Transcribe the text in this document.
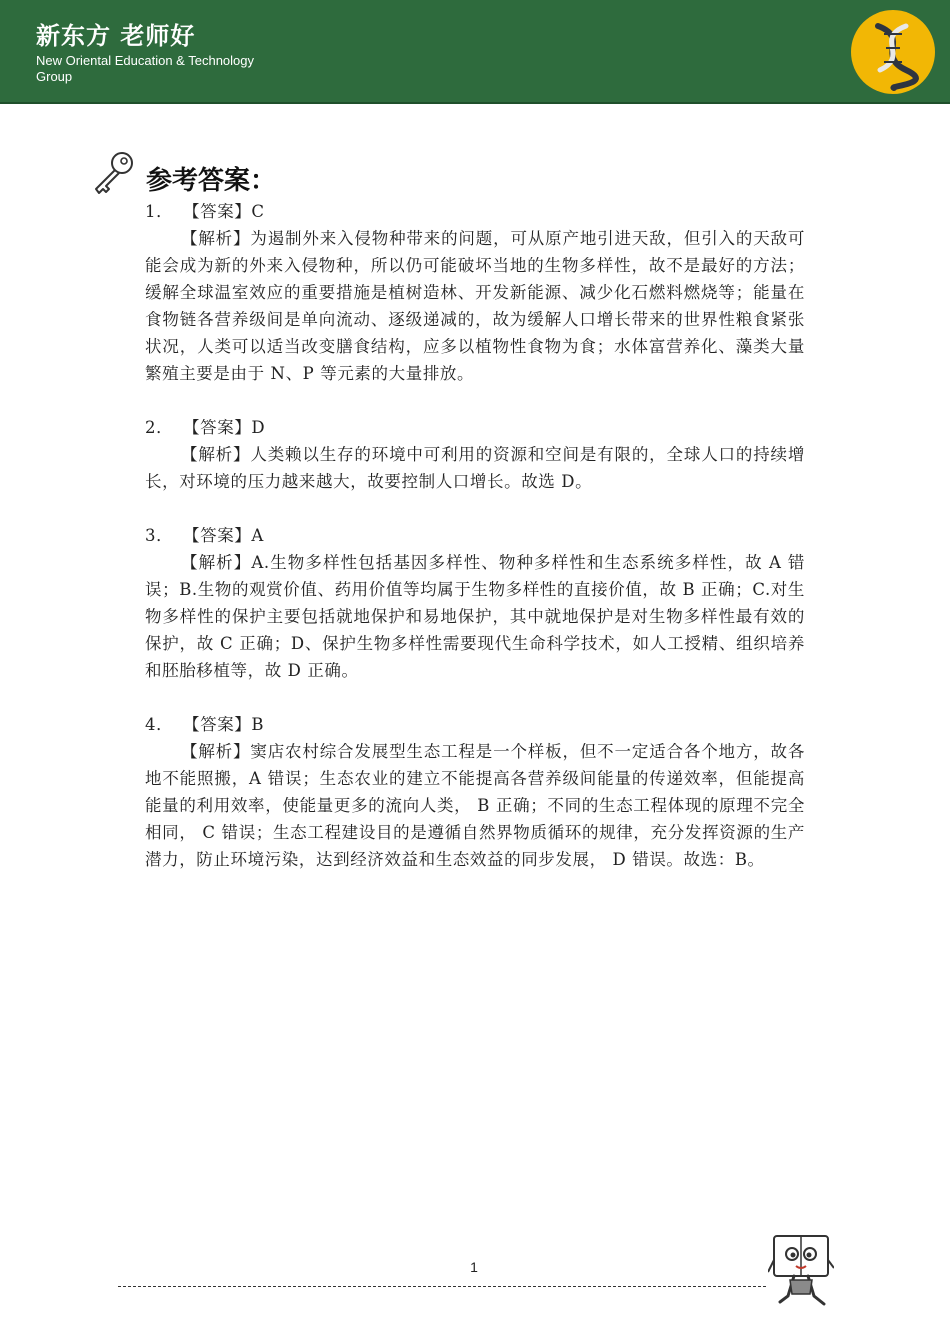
新东方 老师好
New Oriental Education & Technology Group
参考答案：
1． 【答案】C

【解析】为遏制外来入侵物种带来的问题，可从原产地引进天敌，但引入的天敌可能会成为新的外来入侵物种，所以仍可能破坏当地的生物多样性，故不是最好的方法；缓解全球温室效应的重要措施是植树造林、开发新能源、减少化石燃料燃烧等；能量在食物链各营养级间是单向流动、逐级递减的，故为缓解人口增长带来的世界性粮食紧张状况，人类可以适当改变膳食结构，应多以植物性食物为食；水体富营养化、藻类大量繁殖主要是由于 N、P 等元素的大量排放。

2． 【答案】D

【解析】人类赖以生存的环境中可利用的资源和空间是有限的，全球人口的持续增长，对环境的压力越来越大，故要控制人口增长。故选 D。

3． 【答案】A

【解析】A.生物多样性包括基因多样性、物种多样性和生态系统多样性，故 A 错误；B.生物的观赏价值、药用价值等均属于生物多样性的直接价值，故 B 正确；C.对生物多样性的保护主要包括就地保护和易地保护，其中就地保护是对生物多样性最有效的保护，故 C 正确；D、保护生物多样性需要现代生命科学技术，如人工授精、组织培养和胚胎移植等，故 D 正确。

4． 【答案】B

【解析】窦店农村综合发展型生态工程是一个样板，但不一定适合各个地方，故各地不能照搬，A 错误；生态农业的建立不能提高各营养级间能量的传递效率，但能提高能量的利用效率，使能量更多的流向人类， B 正确；不同的生态工程体现的原理不完全相同， C 错误；生态工程建设目的是遵循自然界物质循环的规律，充分发挥资源的生产潜力，防止环境污染，达到经济效益和生态效益的同步发展， D 错误。故选：B。

1
